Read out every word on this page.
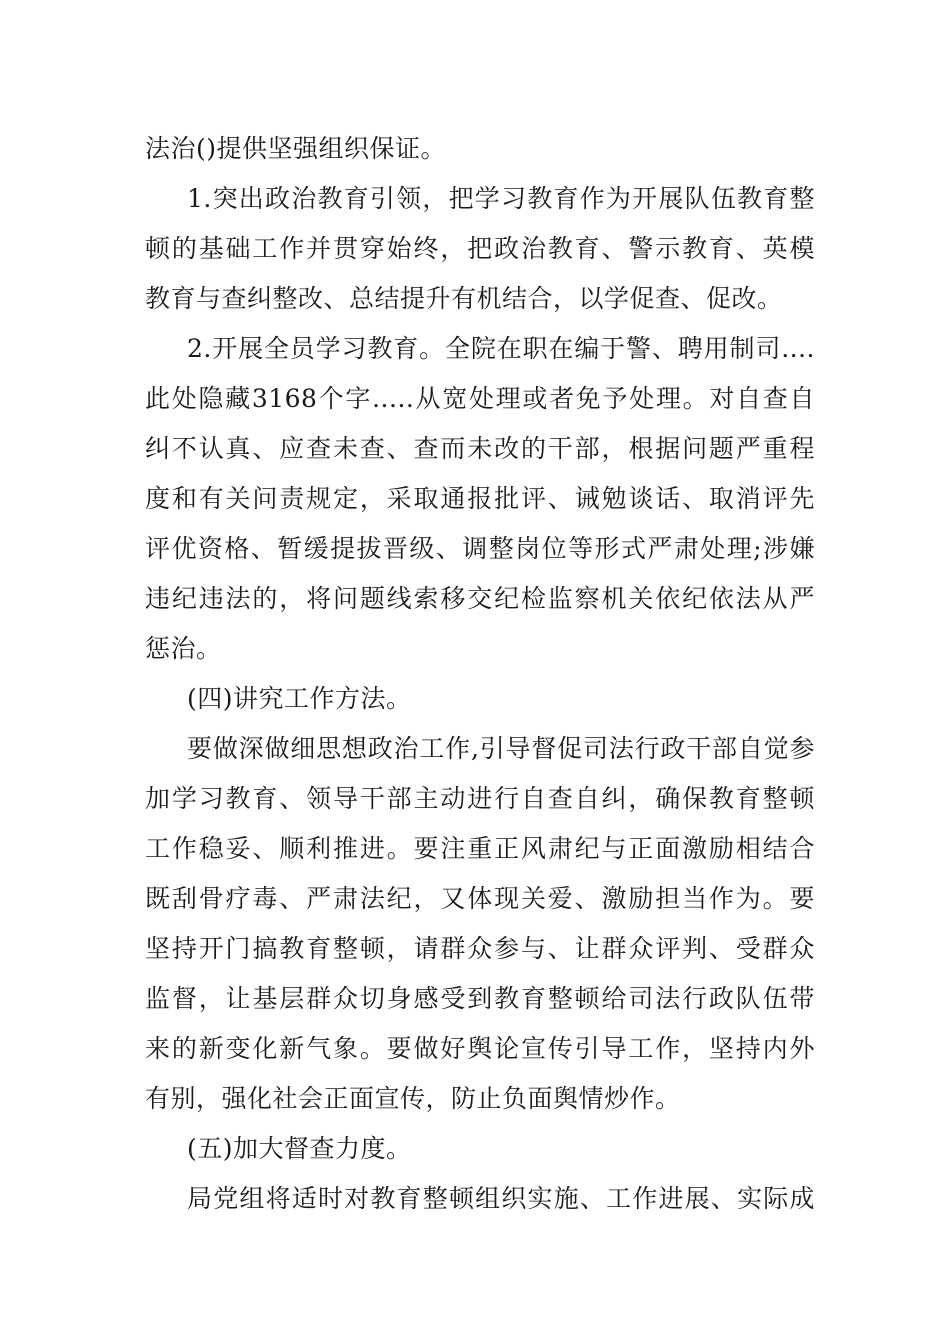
法治()提供坚强组织保证。
1.突出政治教育引领，把学习教育作为开展队伍教育整
顿的基础工作并贯穿始终，把政治教育、警示教育、英模
教育与查纠整改、总结提升有机结合，以学促查、促改。
2.开展全员学习教育。全院在职在编于警、聘用制司....
此处隐藏3168个字.....从宽处理或者免予处理。对自查自
纠不认真、应查未查、查而未改的干部，根据问题严重程
度和有关问责规定，采取通报批评、诫勉谈话、取消评先
评优资格、暂缓提拔晋级、调整岗位等形式严肃处理;涉嫌
违纪违法的，将问题线索移交纪检监察机关依纪依法从严
惩治。
(四)讲究工作方法。
要做深做细思想政治工作,引导督促司法行政干部自觉参
加学习教育、领导干部主动进行自查自纠，确保教育整顿
工作稳妥、顺利推进。要注重正风肃纪与正面激励相结合
既刮骨疗毒、严肃法纪，又体现关爱、激励担当作为。要
坚持开门搞教育整顿，请群众参与、让群众评判、受群众
监督，让基层群众切身感受到教育整顿给司法行政队伍带
来的新变化新气象。要做好舆论宣传引导工作，坚持内外
有别，强化社会正面宣传，防止负面舆情炒作。
(五)加大督查力度。
局党组将适时对教育整顿组织实施、工作进展、实际成
